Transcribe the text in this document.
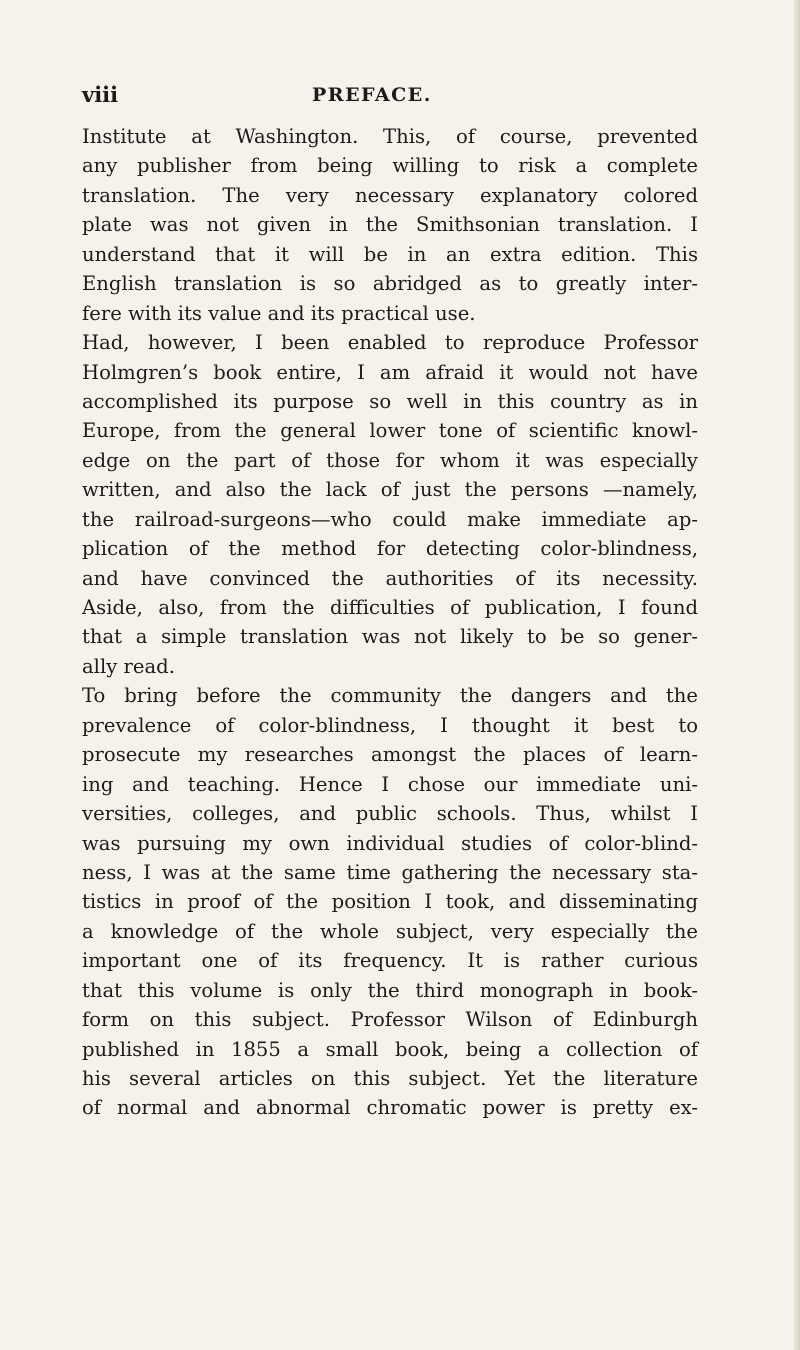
viii	PREFACE.
Institute at Washington. This, of course, prevented
any publisher from being willing to risk a complete
translation. The very necessary explanatory colored
plate was not given in the Smithsonian translation. I
understand that it will be in an extra edition. This
English translation is so abridged as to greatly inter-
fere with its value and its practical use.
Had, however, I been enabled to reproduce Professor
Holmgren’s book entire, I am afraid it would not have
accomplished its purpose so well in this country as in
Europe, from the general lower tone of scientific knowl-
edge on the part of those for whom it was especially
written, and also the lack of just the persons —namely,
the railroad-surgeons—who could make immediate ap-
plication of the method for detecting color-blindness,
and have convinced the authorities of its necessity.
Aside, also, from the difficulties of publication, I found
that a simple translation was not likely to be so gener-
ally read.
To bring before the community the dangers and the
prevalence of color-blindness, I thought it best to
prosecute my researches amongst the places of learn-
ing and teaching. Hence I chose our immediate uni-
versities, colleges, and public schools. Thus, whilst I
was pursuing my own individual studies of color-blind-
ness, I was at the same time gathering the necessary sta-
tistics in proof of the position I took, and disseminating
a knowledge of the whole subject, very especially the
important one of its frequency. It is rather curious
that this volume is only the third monograph in book-
form on this subject. Professor Wilson of Edinburgh
published in 1855 a small book, being a collection of
his several articles on this subject. Yet the literature
of normal and abnormal chromatic power is pretty ex-
